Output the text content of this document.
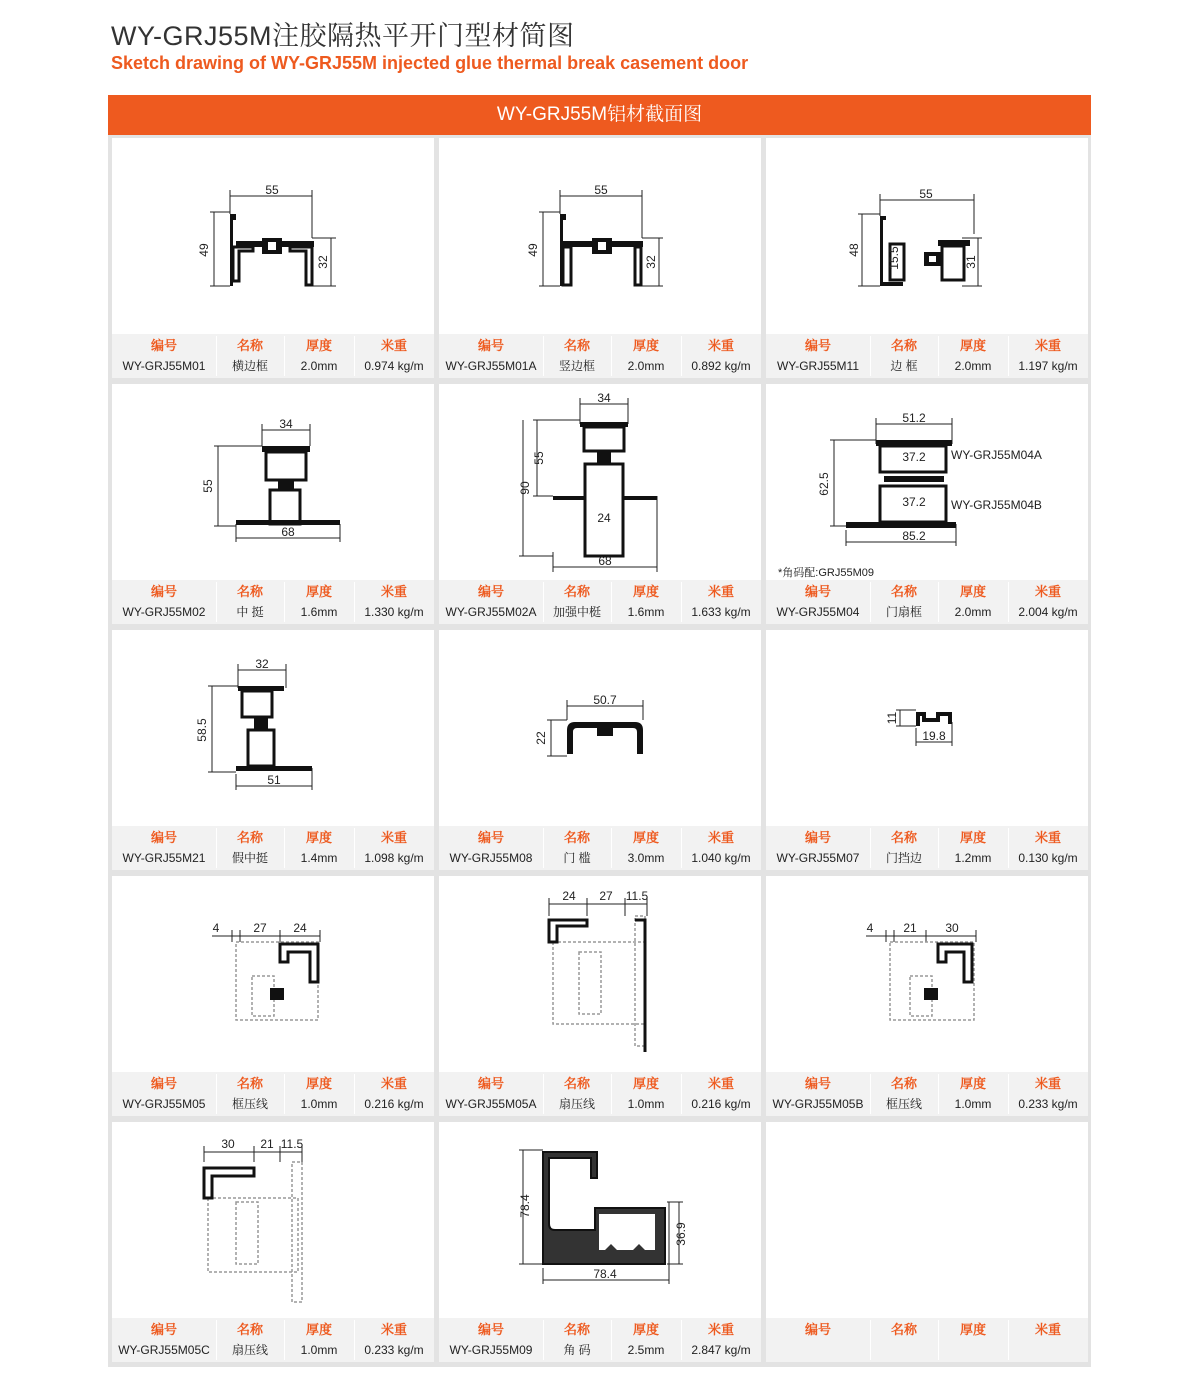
WY-GRJ55M注胶隔热平开门型材简图
Sketch drawing of WY-GRJ55M injected glue thermal break casement door
WY-GRJ55M铝材截面图
55
49
32
编号	名称	厚度	米重
WY-GRJ55M01	横边框	2.0mm	0.974 kg/m
55
49
32
编号	名称	厚度	米重
WY-GRJ55M01A	竖边框	2.0mm	0.892 kg/m
55
48 15.5	31
编号	名称	厚度	米重
WY-GRJ55M11	边 框	2.0mm	1.197 kg/m
34
55
68
编号	名称	厚度	米重
WY-GRJ55M02	中 挺	1.6mm	1.330 kg/m
34
55
90
24
68
编号	名称	厚度	米重
WY-GRJ55M02A	加强中梃	1.6mm	1.633 kg/m
51.2
37.2
62.5
37.2
85.2
WY-GRJ55M04A
WY-GRJ55M04B
*角码配:GRJ55M09
编号	名称	厚度	米重
WY-GRJ55M04	门扇框	2.0mm	2.004 kg/m
32
58.5
51
编号	名称	厚度	米重
WY-GRJ55M21	假中挺	1.4mm	1.098 kg/m
50.7
22
编号	名称	厚度	米重
WY-GRJ55M08	门 槛	3.0mm	1.040 kg/m
11
19.8
编号	名称	厚度	米重
WY-GRJ55M07	门挡边	1.2mm	0.130 kg/m
4	27 24
编号	名称	厚度	米重
WY-GRJ55M05	框压线	1.0mm	0.216 kg/m
24 27 11.5
编号	名称	厚度	米重
WY-GRJ55M05A	扇压线	1.0mm	0.216 kg/m
4 21 30
编号	名称	厚度	米重
WY-GRJ55M05B	框压线	1.0mm	0.233 kg/m
30 21 11.5
编号	名称	厚度	米重
WY-GRJ55M05C	扇压线	1.0mm	0.233 kg/m
78.4
36.9
78.4
编号	名称	厚度	米重
WY-GRJ55M09	角 码	2.5mm	2.847 kg/m
编号	名称	厚度	米重
